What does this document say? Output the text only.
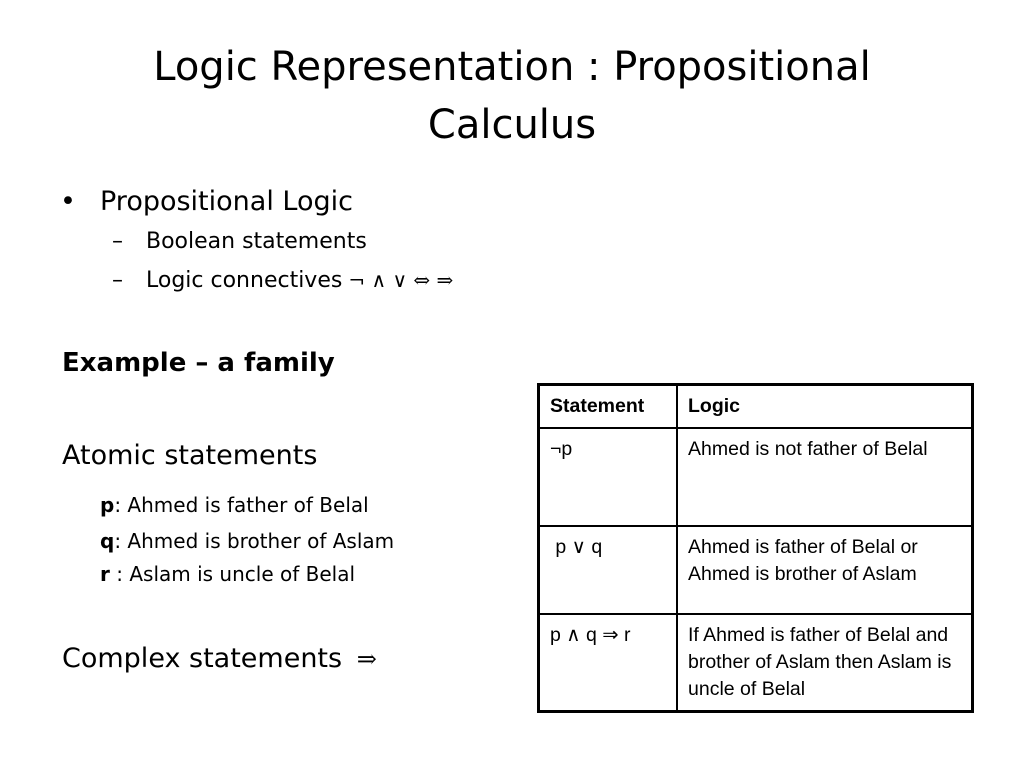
Logic Representation : Propositional Calculus
• Propositional Logic
–	Boolean statements
–	Logic connectives ¬ ∧ ∨ ⇔ ⇒
Example – a family
Atomic statements
p: Ahmed is father of Belal
q: Ahmed is brother of Aslam
r : Aslam is uncle of Belal
Complex statements ⇒
Statement	Logic
¬p	Ahmed is not father of Belal
p ∨ q	Ahmed is father of Belal or Ahmed is brother of Aslam
p ∧ q ⇒ r	If Ahmed is father of Belal and brother of Aslam then Aslam is uncle of Belal
